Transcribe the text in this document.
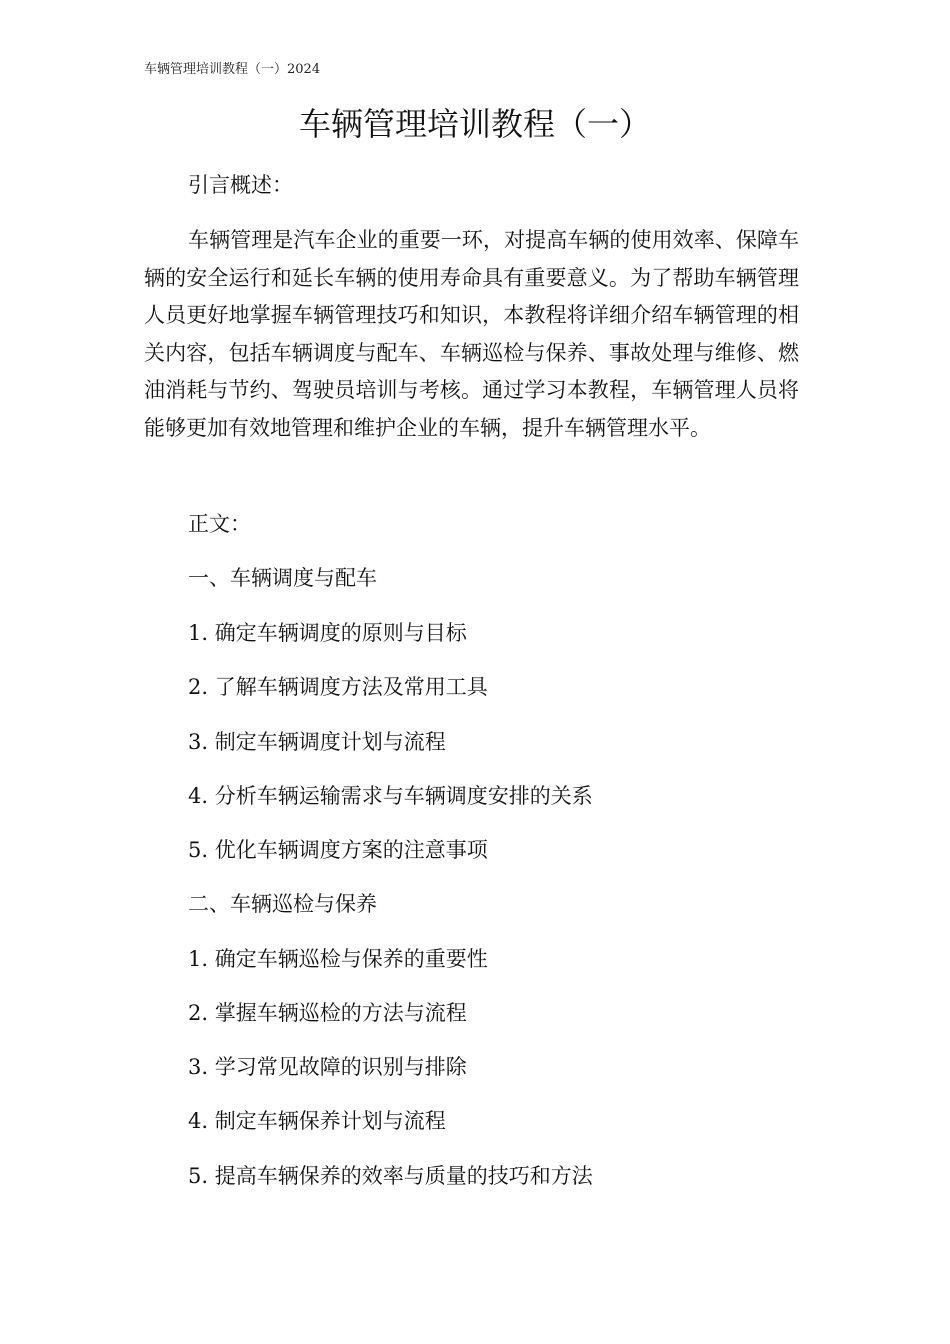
车辆管理培训教程（一）2024
车辆管理培训教程（一）
引言概述：

车辆管理是汽车企业的重要一环，对提高车辆的使用效率、保障车辆的安全运行和延长车辆的使用寿命具有重要意义。为了帮助车辆管理人员更好地掌握车辆管理技巧和知识，本教程将详细介绍车辆管理的相关内容，包括车辆调度与配车、车辆巡检与保养、事故处理与维修、燃油消耗与节约、驾驶员培训与考核。通过学习本教程，车辆管理人员将能够更加有效地管理和维护企业的车辆，提升车辆管理水平。

正文：
一、车辆调度与配车
1. 确定车辆调度的原则与目标
2. 了解车辆调度方法及常用工具
3. 制定车辆调度计划与流程
4. 分析车辆运输需求与车辆调度安排的关系
5. 优化车辆调度方案的注意事项
二、车辆巡检与保养
1. 确定车辆巡检与保养的重要性
2. 掌握车辆巡检的方法与流程
3. 学习常见故障的识别与排除
4. 制定车辆保养计划与流程
5. 提高车辆保养的效率与质量的技巧和方法
